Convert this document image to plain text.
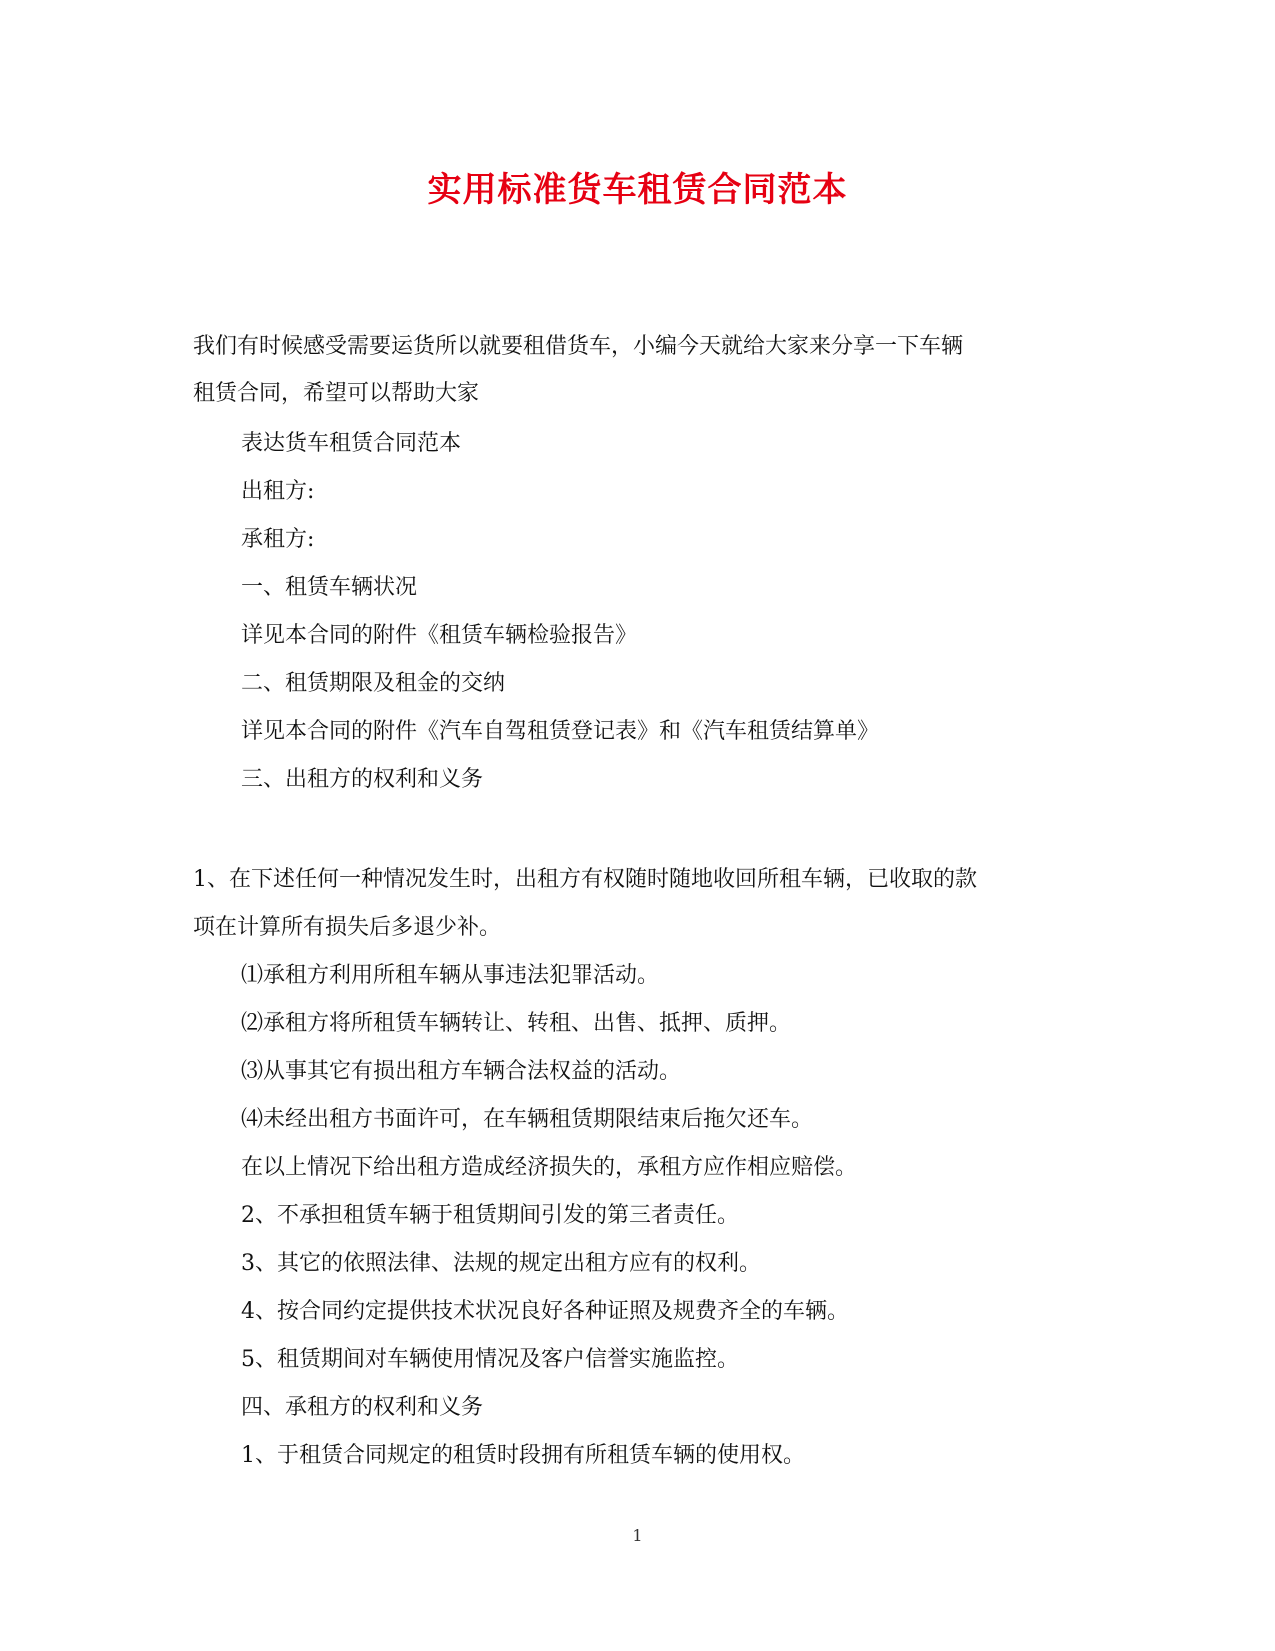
实用标准货车租赁合同范本

我们有时候感受需要运货所以就要租借货车，小编今天就给大家来分享一下车辆

租赁合同，希望可以帮助大家

表达货车租赁合同范本

出租方:

承租方:

一、租赁车辆状况

详见本合同的附件《租赁车辆检验报告》

二、租赁期限及租金的交纳

详见本合同的附件《汽车自驾租赁登记表》和《汽车租赁结算单》

三、出租方的权利和义务

1、在下述任何一种情况发生时，出租方有权随时随地收回所租车辆，已收取的款

项在计算所有损失后多退少补。

⑴承租方利用所租车辆从事违法犯罪活动。

⑵承租方将所租赁车辆转让、转租、出售、抵押、质押。

⑶从事其它有损出租方车辆合法权益的活动。

⑷未经出租方书面许可，在车辆租赁期限结束后拖欠还车。

在以上情况下给出租方造成经济损失的，承租方应作相应赔偿。

2、不承担租赁车辆于租赁期间引发的第三者责任。

3、其它的依照法律、法规的规定出租方应有的权利。

4、按合同约定提供技术状况良好各种证照及规费齐全的车辆。

5、租赁期间对车辆使用情况及客户信誉实施监控。

四、承租方的权利和义务

1、于租赁合同规定的租赁时段拥有所租赁车辆的使用权。

1
